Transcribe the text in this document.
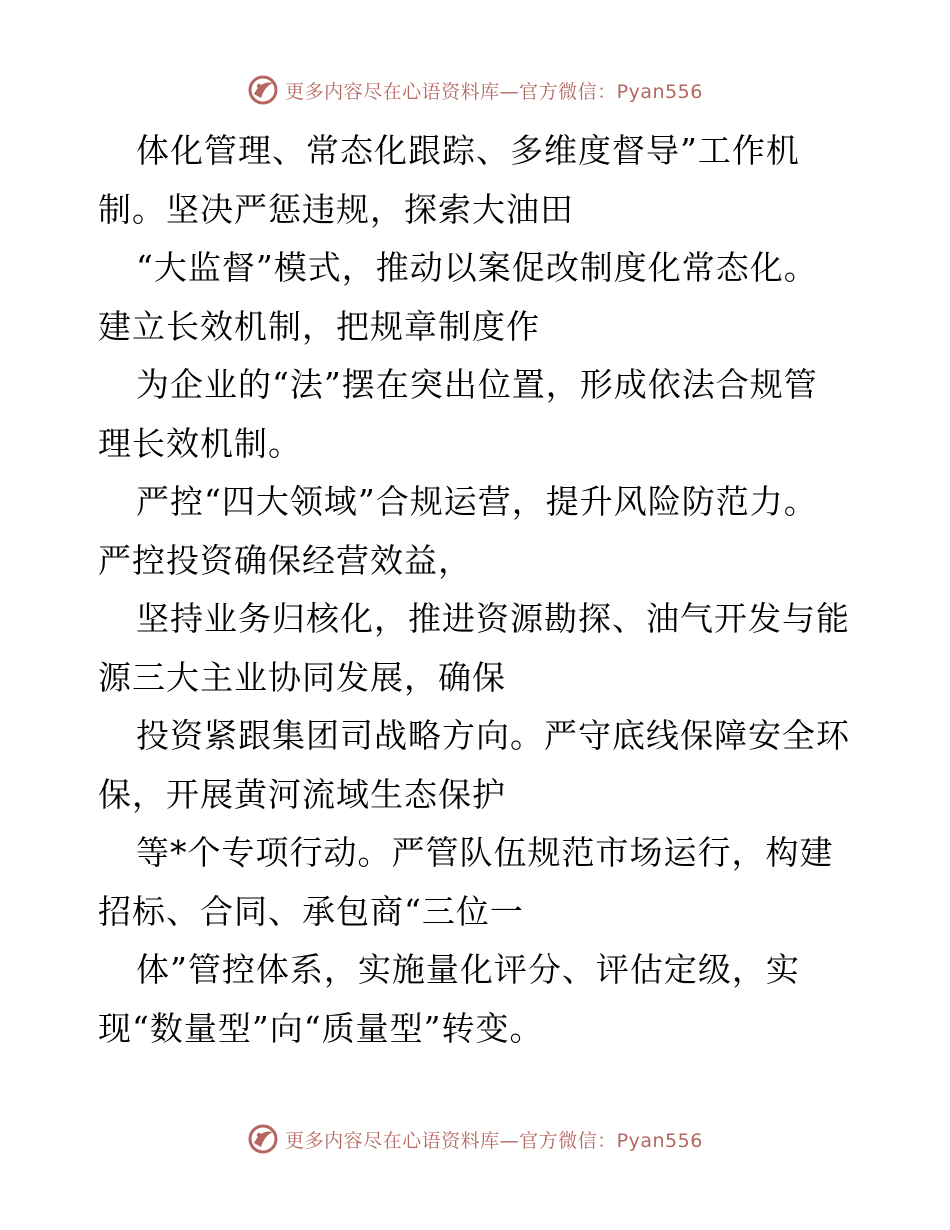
更多内容尽在心语资料库—官方微信：Pyan556

体化管理、常态化跟踪、多维度督导”工作机
制。坚决严惩违规，探索大油田

“大监督”模式，推动以案促改制度化常态化。
建立长效机制，把规章制度作

为企业的“法”摆在突出位置，形成依法合规管
理长效机制。

严控“四大领域”合规运营，提升风险防范力。
严控投资确保经营效益，

坚持业务归核化，推进资源勘探、油气开发与能
源三大主业协同发展，确保

投资紧跟集团司战略方向。严守底线保障安全环
保，开展黄河流域生态保护

等*个专项行动。严管队伍规范市场运行，构建
招标、合同、承包商“三位一

体”管控体系，实施量化评分、评估定级，实
现“数量型”向“质量型”转变。

更多内容尽在心语资料库—官方微信：Pyan556
